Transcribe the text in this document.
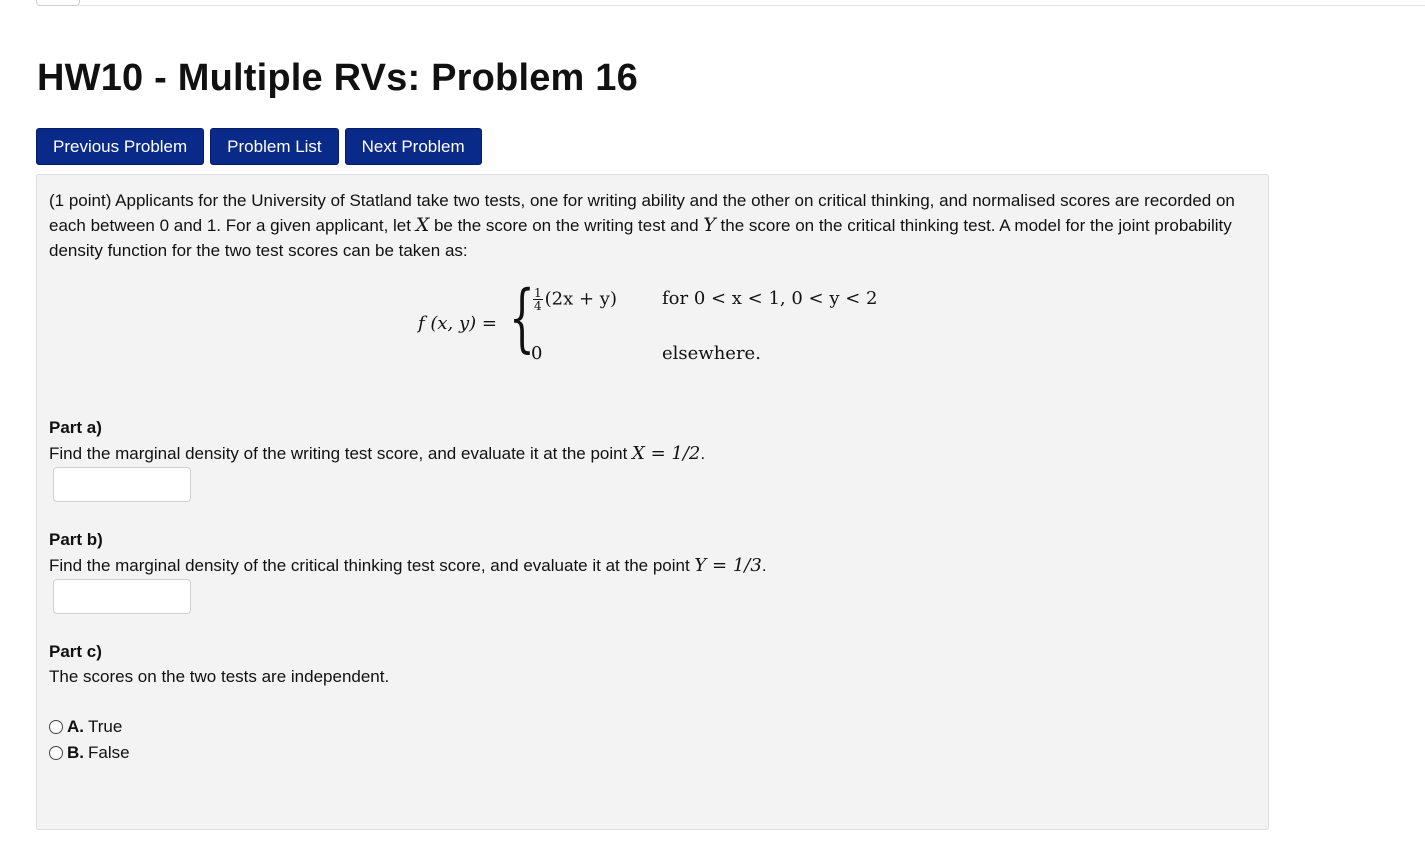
HW10 - Multiple RVs: Problem 16
Previous Problem	Problem List	Next Problem
(1 point) Applicants for the University of Statland take two tests, one for writing ability and the other on critical thinking, and normalised scores are recorded on each between 0 and 1. For a given applicant, let X be the score on the writing test and Y the score on the critical thinking test. A model for the joint probability density function for the two test scores can be taken as:
f (x, y) = {
$\frac{1}{4} (2x + y)$
0
for 0 < x < 1, 0 < y < 2
elsewhere.
Part a)
Find the marginal density of the writing test score, and evaluate it at the point X = 1/2.
Part b)
Find the marginal density of the critical thinking test score, and evaluate it at the point Y = 1/3.
Part c)
The scores on the two tests are independent.
A. True
B. False
